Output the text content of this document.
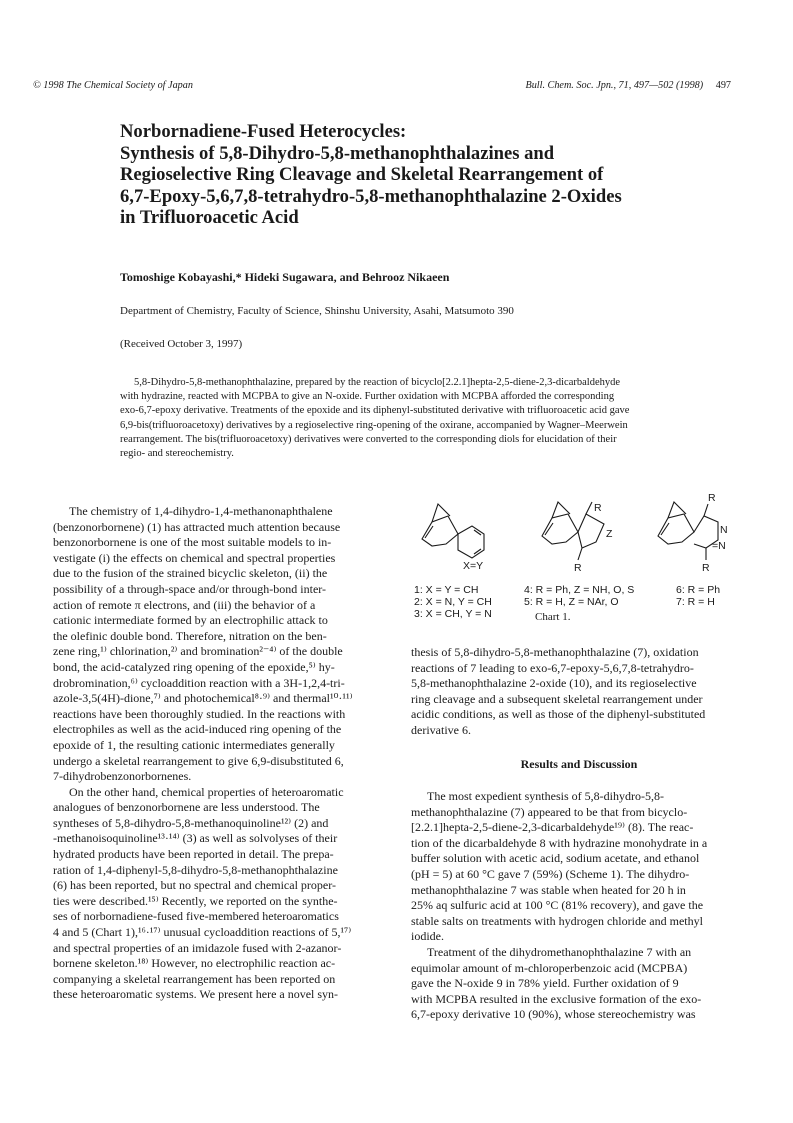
© 1998 The Chemical Society of Japan	Bull. Chem. Soc. Jpn., 71, 497—502 (1998) 497
Norbornadiene-Fused Heterocycles:
Synthesis of 5,8-Dihydro-5,8-methanophthalazines and
Regioselective Ring Cleavage and Skeletal Rearrangement of
6,7-Epoxy-5,6,7,8-tetrahydro-5,8-methanophthalazine 2-Oxides
in Trifluoroacetic Acid
Tomoshige Kobayashi,* Hideki Sugawara, and Behrooz Nikaeen
Department of Chemistry, Faculty of Science, Shinshu University, Asahi, Matsumoto 390
(Received October 3, 1997)
5,8-Dihydro-5,8-methanophthalazine, prepared by the reaction of bicyclo[2.2.1]hepta-2,5-diene-2,3-dicarbaldehyde
with hydrazine, reacted with MCPBA to give an N-oxide. Further oxidation with MCPBA afforded the corresponding
exo-6,7-epoxy derivative. Treatments of the epoxide and its diphenyl-substituted derivative with trifluoroacetic acid gave
6,9-bis(trifluoroacetoxy) derivatives by a regioselective ring-opening of the oxirane, accompanied by Wagner–Meerwein
rearrangement. The bis(trifluoroacetoxy) derivatives were converted to the corresponding diols for elucidation of their
regio- and stereochemistry.
The chemistry of 1,4-dihydro-1,4-methanonaphthalene
(benzonorbornene) (1) has attracted much attention because
benzonorbornene is one of the most suitable models to in-
vestigate (i) the effects on chemical and spectral properties
due to the fusion of the strained bicyclic skeleton, (ii) the
possibility of a through-space and/or through-bond inter-
action of remote π electrons, and (iii) the behavior of a
cationic intermediate formed by an electrophilic attack to
the olefinic double bond. Therefore, nitration on the ben-
zene ring,¹⁾ chlorination,²⁾ and bromination²⁻⁴⁾ of the double
bond, the acid-catalyzed ring opening of the epoxide,⁵⁾ hy-
drobromination,⁶⁾ cycloaddition reaction with a 3H-1,2,4-tri-
azole-3,5(4H)-dione,⁷⁾ and photochemical⁸·⁹⁾ and thermal¹⁰·¹¹⁾
reactions have been thoroughly studied. In the reactions with
electrophiles as well as the acid-induced ring opening of the
epoxide of 1, the resulting cationic intermediates generally
undergo a skeletal rearrangement to give 6,9-disubstituted 6,
7-dihydrobenzonorbornenes.
On the other hand, chemical properties of heteroaromatic
analogues of benzonorbornene are less understood. The
syntheses of 5,8-dihydro-5,8-methanoquinoline¹²⁾ (2) and
-methanoisoquinoline¹³·¹⁴⁾ (3) as well as solvolyses of their
hydrated products have been reported in detail. The prepa-
ration of 1,4-diphenyl-5,8-dihydro-5,8-methanophthalazine
(6) has been reported, but no spectral and chemical proper-
ties were described.¹⁵⁾ Recently, we reported on the synthe-
ses of norbornadiene-fused five-membered heteroaromatics
4 and 5 (Chart 1),¹⁶·¹⁷⁾ unusual cycloaddition reactions of 5,¹⁷⁾
and spectral properties of an imidazole fused with 2-azanor-
bornene skeleton.¹⁸⁾ However, no electrophilic reaction ac-
companying a skeletal rearrangement has been reported on
these heteroaromatic systems. We present here a novel syn-
X=Y
R
Z
R
R
N
=N
R
1: X = Y = CH
2: X = N, Y = CH
3: X = CH, Y = N
4: R = Ph, Z = NH, O, S
5: R = H, Z = NAr, O
6: R = Ph
7: R = H
Chart 1.
thesis of 5,8-dihydro-5,8-methanophthalazine (7), oxidation
reactions of 7 leading to exo-6,7-epoxy-5,6,7,8-tetrahydro-
5,8-methanophthalazine 2-oxide (10), and its regioselective
ring cleavage and a subsequent skeletal rearrangement under
acidic conditions, as well as those of the diphenyl-substituted
derivative 6.
Results and Discussion
The most expedient synthesis of 5,8-dihydro-5,8-
methanophthalazine (7) appeared to be that from bicyclo-
[2.2.1]hepta-2,5-diene-2,3-dicarbaldehyde¹⁹⁾ (8). The reac-
tion of the dicarbaldehyde 8 with hydrazine monohydrate in a
buffer solution with acetic acid, sodium acetate, and ethanol
(pH = 5) at 60 °C gave 7 (59%) (Scheme 1). The dihydro-
methanophthalazine 7 was stable when heated for 20 h in
25% aq sulfuric acid at 100 °C (81% recovery), and gave the
stable salts on treatments with hydrogen chloride and methyl
iodide.
Treatment of the dihydromethanophthalazine 7 with an
equimolar amount of m-chloroperbenzoic acid (MCPBA)
gave the N-oxide 9 in 78% yield. Further oxidation of 9
with MCPBA resulted in the exclusive formation of the exo-
6,7-epoxy derivative 10 (90%), whose stereochemistry was
